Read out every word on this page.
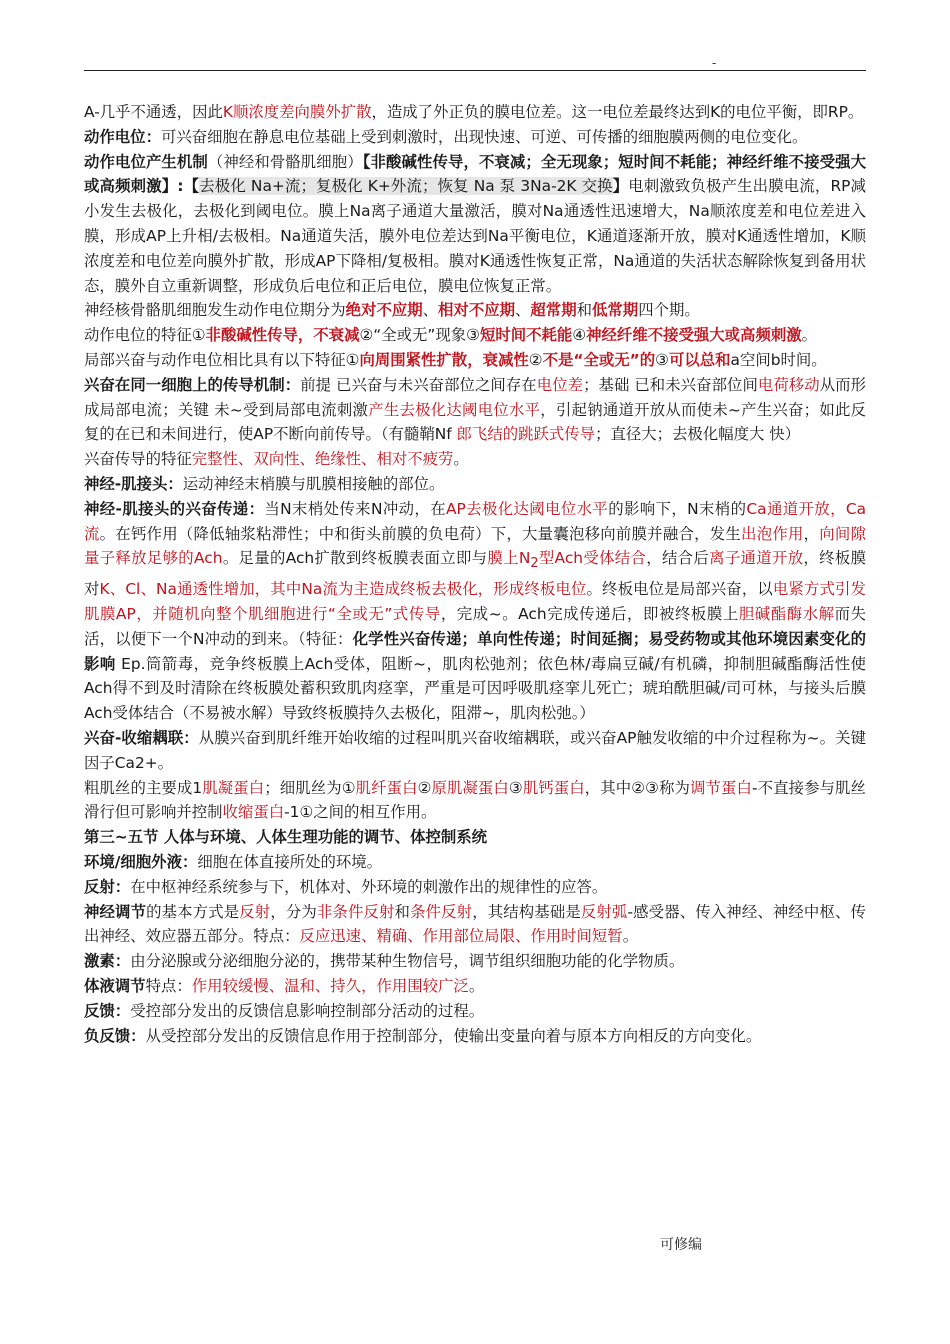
-

A-几乎不通透，因此K顺浓度差向膜外扩散，造成了外正负的膜电位差。这一电位差最终达到K的电位平衡，即RP。

动作电位：可兴奋细胞在静息电位基础上受到刺激时，出现快速、可逆、可传播的细胞膜两侧的电位变化。

动作电位产生机制（神经和骨骼肌细胞）【非酸碱性传导，不衰减；全无现象；短时间不耗能；神经纤维不接受强大或高频刺激】:【去极化 Na+流；复极化 K+外流；恢复 Na 泵 3Na-2K 交换】电刺激致负极产生出膜电流，RP减小发生去极化，去极化到阈电位。膜上Na离子通道大量激活，膜对Na通透性迅速增大，Na顺浓度差和电位差进入膜，形成AP上升相/去极相。Na通道失活，膜外电位差达到Na平衡电位，K通道逐渐开放，膜对K通透性增加，K顺浓度差和电位差向膜外扩散，形成AP下降相/复极相。膜对K通透性恢复正常，Na通道的失活状态解除恢复到备用状态，膜外自立重新调整，形成负后电位和正后电位，膜电位恢复正常。

神经核骨骼肌细胞发生动作电位期分为绝对不应期、相对不应期、超常期和低常期四个期。

动作电位的特征①非酸碱性传导，不衰减②“全或无”现象③短时间不耗能④神经纤维不接受强大或高频刺激。

局部兴奋与动作电位相比具有以下特征①向周围紧性扩散，衰减性②不是“全或无”的③可以总和a空间b时间。

兴奋在同一细胞上的传导机制：前提 已兴奋与未兴奋部位之间存在电位差；基础 已和未兴奋部位间电荷移动从而形成局部电流；关键 未~受到局部电流刺激产生去极化达阈电位水平，引起钠通道开放从而使未~产生兴奋；如此反复的在已和未间进行，使AP不断向前传导。（有髓鞘Nf 郎飞结的跳跃式传导；直径大；去极化幅度大 快）

兴奋传导的特征完整性、双向性、绝缘性、相对不疲劳。

神经-肌接头：运动神经末梢膜与肌膜相接触的部位。

神经-肌接头的兴奋传递：当N末梢处传来N冲动，在AP去极化达阈电位水平的影响下，N末梢的Ca通道开放，Ca流。在钙作用（降低轴浆粘滞性；中和街头前膜的负电荷）下，大量囊泡移向前膜并融合，发生出泡作用，向间隙量子释放足够的Ach。足量的Ach扩散到终板膜表面立即与膜上$N_2$型Ach受体结合，结合后离子通道开放，终板膜对K、Cl、Na通透性增加，其中Na流为主造成终板去极化，形成终板电位。终板电位是局部兴奋，以电紧方式引发肌膜AP，并随机向整个肌细胞进行“全或无”式传导，完成~。Ach完成传递后，即被终板膜上胆碱酯酶水解而失活，以便下一个N冲动的到来。（特征：化学性兴奋传递；单向性传递；时间延搁；易受药物或其他环境因素变化的影响 Ep.筒箭毒，竞争终板膜上Ach受体，阻断~，肌肉松弛剂；依色林/毒扁豆碱/有机磷，抑制胆碱酯酶活性使Ach得不到及时清除在终板膜处蓄积致肌肉痉挛，严重是可因呼吸肌痉挛儿死亡；琥珀酰胆碱/司可林，与接头后膜Ach受体结合（不易被水解）导致终板膜持久去极化，阻滞~，肌肉松弛。）

兴奋-收缩耦联：从膜兴奋到肌纤维开始收缩的过程叫肌兴奋收缩耦联，或兴奋AP触发收缩的中介过程称为~。关键因子Ca2+。

粗肌丝的主要成1肌凝蛋白；细肌丝为①肌纤蛋白②原肌凝蛋白③肌钙蛋白，其中②③称为调节蛋白-不直接参与肌丝滑行但可影响并控制收缩蛋白-1①之间的相互作用。

第三~五节 人体与环境、人体生理功能的调节、体控制系统

环境/细胞外液：细胞在体直接所处的环境。

反射：在中枢神经系统参与下，机体对、外环境的刺激作出的规律性的应答。

神经调节的基本方式是反射，分为非条件反射和条件反射，其结构基础是反射弧-感受器、传入神经、神经中枢、传出神经、效应器五部分。特点：反应迅速、精确、作用部位局限、作用时间短暂。

激素：由分泌腺或分泌细胞分泌的，携带某种生物信号，调节组织细胞功能的化学物质。

体液调节特点：作用较缓慢、温和、持久，作用围较广泛。

反馈：受控部分发出的反馈信息影响控制部分活动的过程。

负反馈：从受控部分发出的反馈信息作用于控制部分，使输出变量向着与原本方向相反的方向变化。

可修编
